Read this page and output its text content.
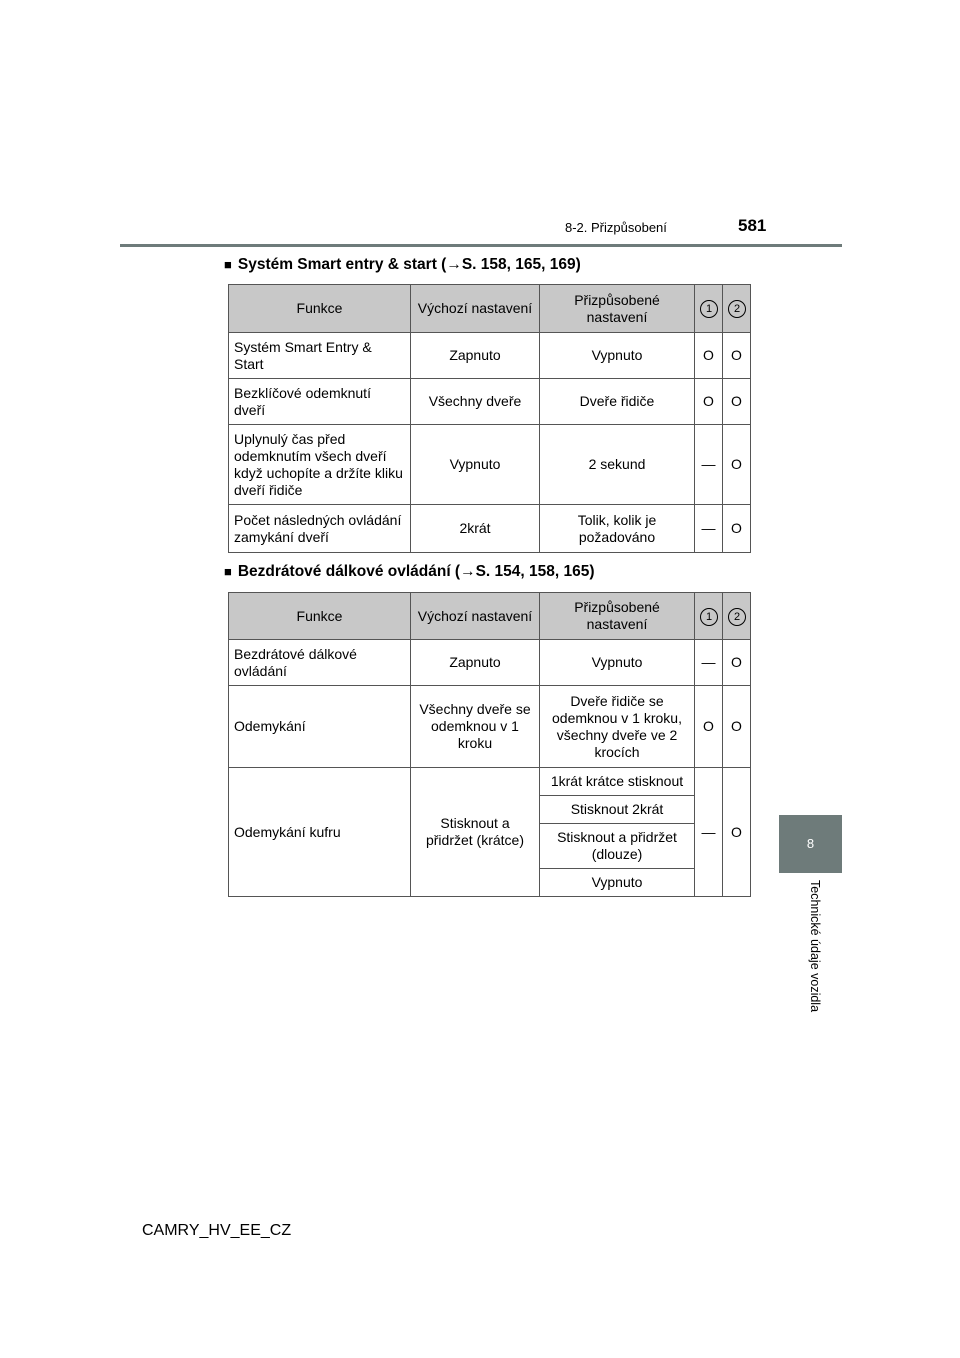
8-2. Přizpůsobení	581
8
Technické údaje vozidla
■ Systém Smart entry & start (→S. 158, 165, 169)
Funkce	Výchozí nastavení	Přizpůsobené nastavení	1	2
Systém Smart Entry & Start	Zapnuto	Vypnuto	O	O
Bezklíčové odemknutí dveří	Všechny dveře	Dveře řidiče	O	O
Uplynulý čas před odemknutím všech dveří když uchopíte a držíte kliku dveří řidiče	Vypnuto	2 sekund	—	O
Počet následných ovládání zamykání dveří	2krát	Tolik, kolik je požadováno	—	O
■ Bezdrátové dálkové ovládání (→S. 154, 158, 165)
Funkce	Výchozí nastavení	Přizpůsobené nastavení	1	2
Bezdrátové dálkové ovládání	Zapnuto	Vypnuto	—	O
Odemykání	Všechny dveře se odemknou v 1 kroku	Dveře řidiče se odemknou v 1 kroku, všechny dveře ve 2 krocích	O	O
Odemykání kufru	Stisknout a přidržet (krátce)	1krát krátce stisknout	—	O
		Stisknout 2krát		
		Stisknout a přidržet (dlouze)		
		Vypnuto		
CAMRY_HV_EE_CZ
